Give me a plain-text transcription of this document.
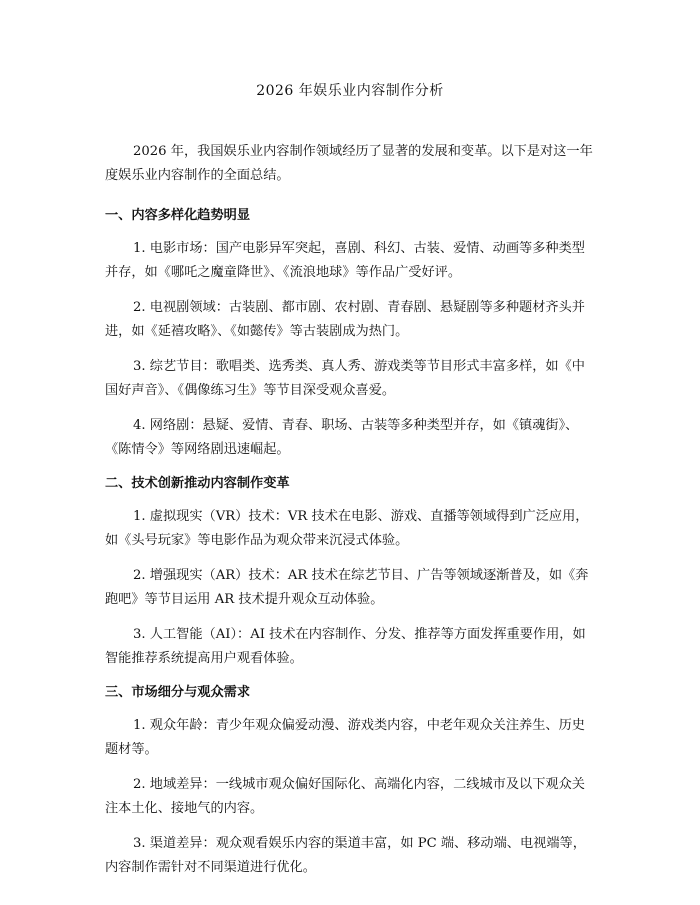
2026 年娱乐业内容制作分析

2026 年，我国娱乐业内容制作领域经历了显著的发展和变革。以下是对这一年度娱乐业内容制作的全面总结。

一、内容多样化趋势明显

1. 电影市场：国产电影异军突起，喜剧、科幻、古装、爱情、动画等多种类型并存，如《哪吒之魔童降世》、《流浪地球》等作品广受好评。

2. 电视剧领域：古装剧、都市剧、农村剧、青春剧、悬疑剧等多种题材齐头并进，如《延禧攻略》、《如懿传》等古装剧成为热门。

3. 综艺节目：歌唱类、选秀类、真人秀、游戏类等节目形式丰富多样，如《中国好声音》、《偶像练习生》等节目深受观众喜爱。

4. 网络剧：悬疑、爱情、青春、职场、古装等多种类型并存，如《镇魂街》、《陈情令》等网络剧迅速崛起。

二、技术创新推动内容制作变革

1. 虚拟现实（VR）技术：VR 技术在电影、游戏、直播等领域得到广泛应用，如《头号玩家》等电影作品为观众带来沉浸式体验。

2. 增强现实（AR）技术：AR 技术在综艺节目、广告等领域逐渐普及，如《奔跑吧》等节目运用 AR 技术提升观众互动体验。

3. 人工智能（AI）：AI 技术在内容制作、分发、推荐等方面发挥重要作用，如智能推荐系统提高用户观看体验。

三、市场细分与观众需求

1. 观众年龄：青少年观众偏爱动漫、游戏类内容，中老年观众关注养生、历史题材等。

2. 地域差异：一线城市观众偏好国际化、高端化内容，二线城市及以下观众关注本土化、接地气的内容。

3. 渠道差异：观众观看娱乐内容的渠道丰富，如 PC 端、移动端、电视端等，内容制作需针对不同渠道进行优化。
